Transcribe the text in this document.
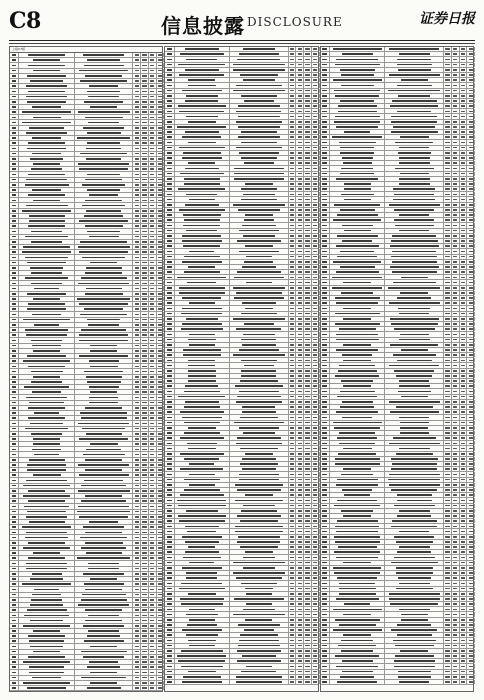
C8	信息披露 DISCLOSURE	证券日报
上接C7版
